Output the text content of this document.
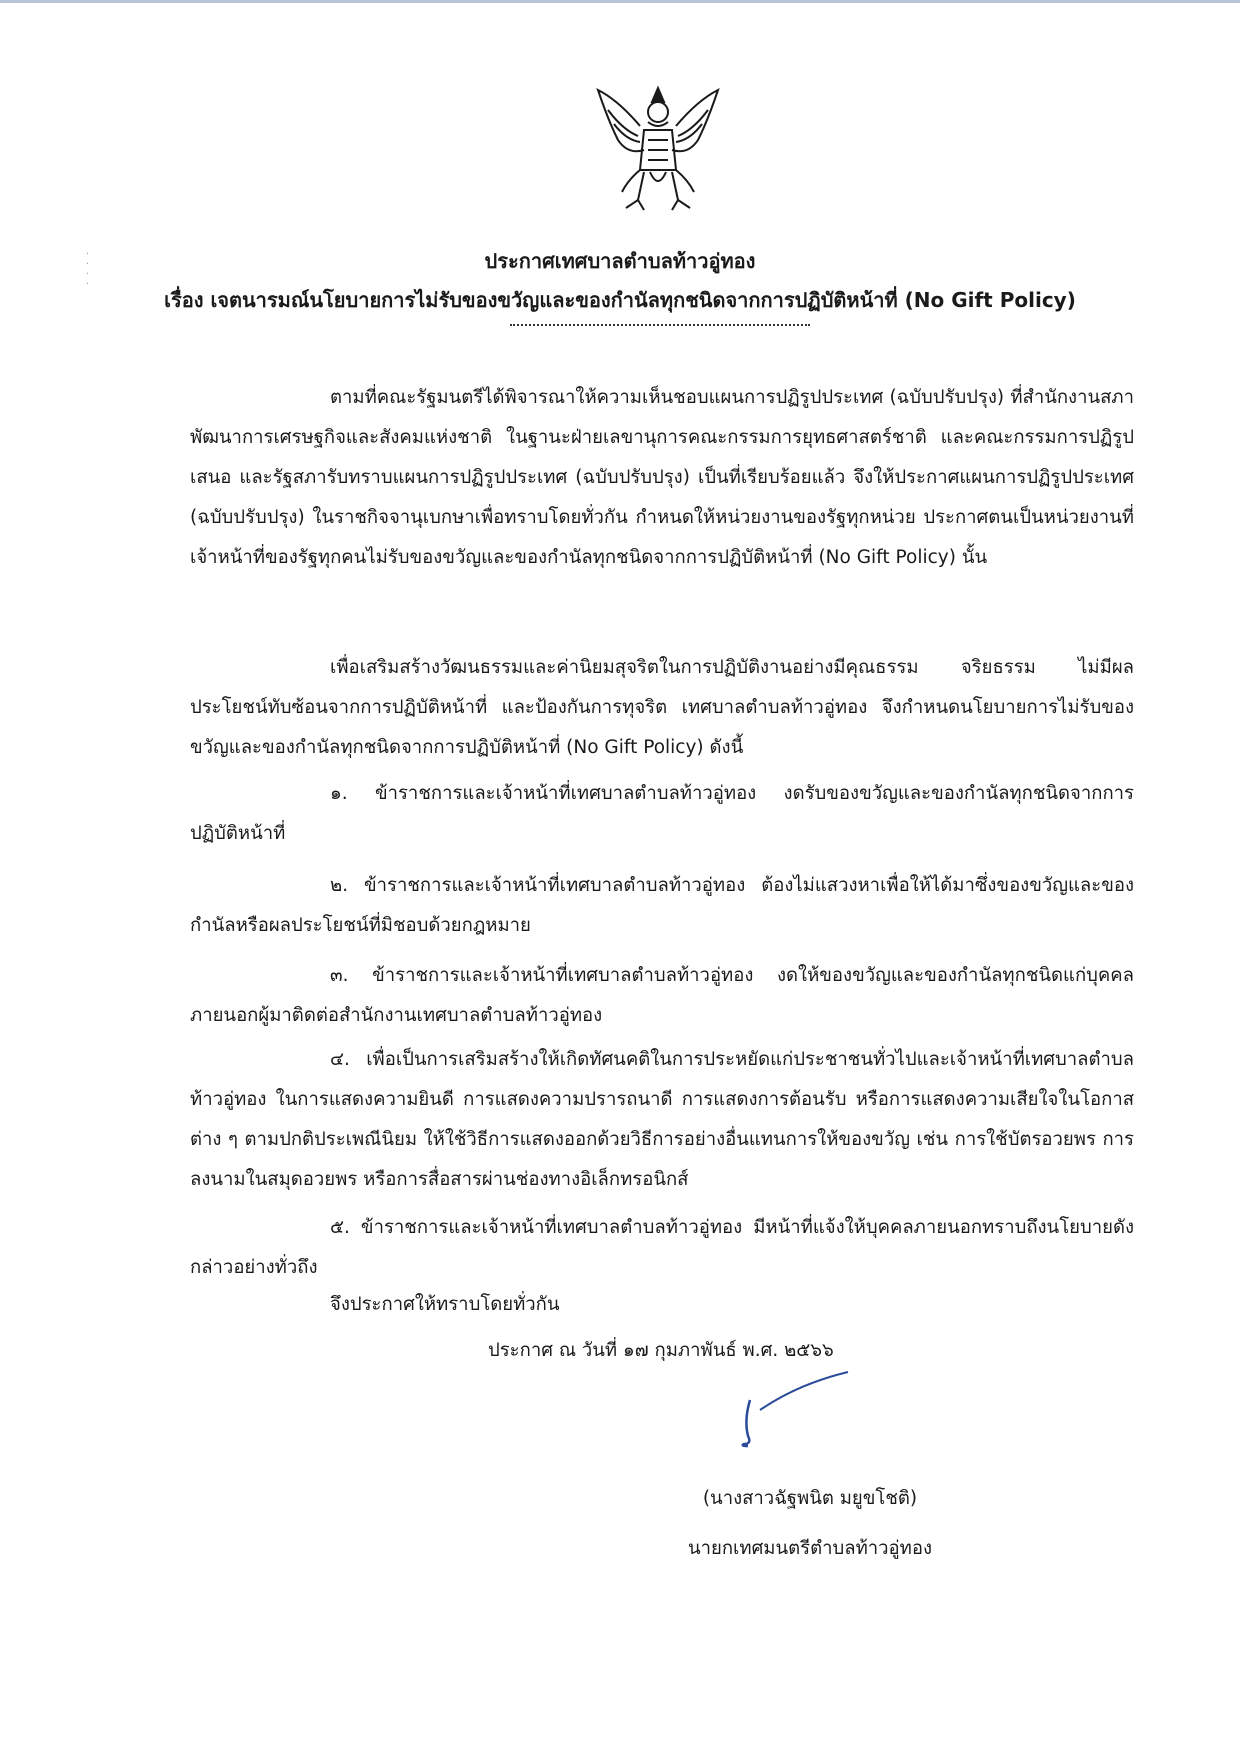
·
·
·
·
ประกาศเทศบาลตำบลท้าวอู่ทอง
เรื่อง เจตนารมณ์นโยบายการไม่รับของขวัญและของกำนัลทุกชนิดจากการปฏิบัติหน้าที่ (No Gift Policy)

ตามที่คณะรัฐมนตรีได้พิจารณาให้ความเห็นชอบแผนการปฏิรูปประเทศ (ฉบับปรับปรุง) ที่สำนักงานสภาพัฒนาการเศรษฐกิจและสังคมแห่งชาติ ในฐานะฝ่ายเลขานุการคณะกรรมการยุทธศาสตร์ชาติ และคณะกรรมการปฏิรูปเสนอ และรัฐสภารับทราบแผนการปฏิรูปประเทศ (ฉบับปรับปรุง) เป็นที่เรียบร้อยแล้ว จึงให้ประกาศแผนการปฏิรูปประเทศ (ฉบับปรับปรุง) ในราชกิจจานุเบกษาเพื่อทราบโดยทั่วกัน กำหนดให้หน่วยงานของรัฐทุกหน่วย ประกาศตนเป็นหน่วยงานที่เจ้าหน้าที่ของรัฐทุกคนไม่รับของขวัญและของกำนัลทุกชนิดจากการปฏิบัติหน้าที่ (No Gift Policy) นั้น

เพื่อเสริมสร้างวัฒนธรรมและค่านิยมสุจริตในการปฏิบัติงานอย่างมีคุณธรรม จริยธรรม ไม่มีผลประโยชน์ทับซ้อนจากการปฏิบัติหน้าที่ และป้องกันการทุจริต เทศบาลตำบลท้าวอู่ทอง จึงกำหนดนโยบายการไม่รับของขวัญและของกำนัลทุกชนิดจากการปฏิบัติหน้าที่ (No Gift Policy) ดังนี้

๑. ข้าราชการและเจ้าหน้าที่เทศบาลตำบลท้าวอู่ทอง งดรับของขวัญและของกำนัลทุกชนิดจากการปฏิบัติหน้าที่

๒. ข้าราชการและเจ้าหน้าที่เทศบาลตำบลท้าวอู่ทอง ต้องไม่แสวงหาเพื่อให้ได้มาซึ่งของขวัญและของกำนัลหรือผลประโยชน์ที่มิชอบด้วยกฎหมาย

๓. ข้าราชการและเจ้าหน้าที่เทศบาลตำบลท้าวอู่ทอง งดให้ของขวัญและของกำนัลทุกชนิดแก่บุคคลภายนอกผู้มาติดต่อสำนักงานเทศบาลตำบลท้าวอู่ทอง

๔. เพื่อเป็นการเสริมสร้างให้เกิดทัศนคติในการประหยัดแก่ประชาชนทั่วไปและเจ้าหน้าที่เทศบาลตำบลท้าวอู่ทอง ในการแสดงความยินดี การแสดงความปรารถนาดี การแสดงการต้อนรับ หรือการแสดงความเสียใจในโอกาสต่าง ๆ ตามปกติประเพณีนิยม ให้ใช้วิธีการแสดงออกด้วยวิธีการอย่างอื่นแทนการให้ของขวัญ เช่น การใช้บัตรอวยพร การลงนามในสมุดอวยพร หรือการสื่อสารผ่านช่องทางอิเล็กทรอนิกส์

๕. ข้าราชการและเจ้าหน้าที่เทศบาลตำบลท้าวอู่ทอง มีหน้าที่แจ้งให้บุคคลภายนอกทราบถึงนโยบายดังกล่าวอย่างทั่วถึง

จึงประกาศให้ทราบโดยทั่วกัน
ประกาศ ณ วันที่ ๑๗ กุมภาพันธ์ พ.ศ. ๒๕๖๖
(นางสาวฉัฐพนิต มยูขโชติ)
นายกเทศมนตรีตำบลท้าวอู่ทอง
